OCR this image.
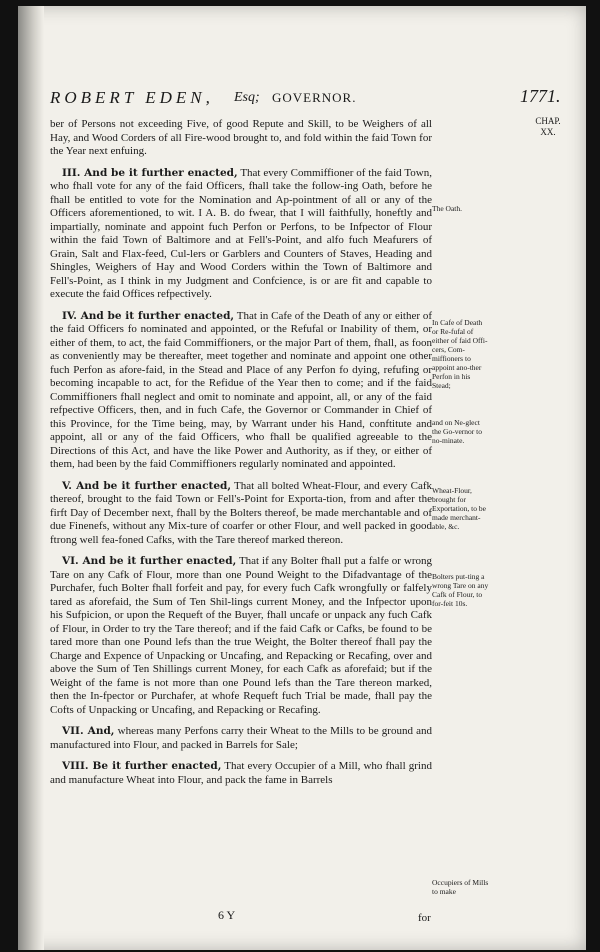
ROBERT EDEN, Esq; GOVERNOR.	1771.
CHAP.
XX.

ber of Persons not exceeding Five, of good Repute and Skill, to be Weighers of all Hay, and Wood Corders of all Fire-wood brought to, and fold within the faid Town for the Year next enfuing.

III. And be it further enacted, That every Commiffioner of the faid Town, who fhall vote for any of the faid Officers, fhall take the follow-ing Oath, before he fhall be entitled to vote for the Nomination and Ap-pointment of all or any of the Officers aforementioned, to wit. I A. B. do fwear, that I will faithfully, honeftly and impartially, nominate and appoint fuch Perfon or Perfons, to be Infpector of Flour within the faid Town of Baltimore and at Fell's-Point, and alfo fuch Meafurers of Grain, Salt and Flax-feed, Cul-lers or Garblers and Counters of Staves, Heading and Shingles, Weighers of Hay and Wood Corders within the Town of Baltimore and Fell's-Point, as I think in my Judgment and Confcience, is or are fit and capable to execute the faid Offices refpectively.

IV. And be it further enacted, That in Cafe of the Death of any or either of the faid Officers fo nominated and appointed, or the Refufal or Inability of them, or either of them, to act, the faid Commiffioners, or the major Part of them, fhall, as foon as conveniently may be thereafter, meet together and nominate and appoint one other fuch Perfon as afore-faid, in the Stead and Place of any Perfon fo dying, refufing or becoming incapable to act, for the Refidue of the Year then to come; and if the faid Commiffioners fhall neglect and omit to nominate and appoint, all, or any of the faid refpective Officers, then, and in fuch Cafe, the Governor or Commander in Chief of this Province, for the Time being, may, by Warrant under his Hand, conftitute and appoint, all or any of the faid Officers, who fhall be qualified agreeable to the Directions of this Act, and have the like Power and Authority, as if they, or either of them, had been by the faid Commiffioners regularly nominated and appointed.

V. And be it further enacted, That all bolted Wheat-Flour, and every Cafk thereof, brought to the faid Town or Fell's-Point for Exporta-tion, from and after the firft Day of December next, fhall by the Bolters thereof, be made merchantable and of due Finenefs, without any Mix-ture of coarfer or other Flour, and well packed in good ftrong well fea-foned Cafks, with the Tare thereof marked thereon.

VI. And be it further enacted, That if any Bolter fhall put a falfe or wrong Tare on any Cafk of Flour, more than one Pound Weight to the Difadvantage of the Purchafer, fuch Bolter fhall forfeit and pay, for every fuch Cafk wrongfully or falfely tared as aforefaid, the Sum of Ten Shil-lings current Money, and the Infpector upon his Sufpicion, or upon the Requeft of the Buyer, fhall uncafe or unpack any fuch Cafk of Flour, in Order to try the Tare thereof; and if the faid Cafk or Cafks, be found to be tared more than one Pound lefs than the true Weight, the Bolter thereof fhall pay the Charge and Expence of Unpacking or Uncafing, and Repacking or Recafing, over and above the Sum of Ten Shillings current Money, for each Cafk as aforefaid; but if the Weight of the fame is not more than one Pound lefs than the Tare thereon marked, then the In-fpector or Purchafer, at whofe Requeft fuch Trial be made, fhall pay the Cofts of Unpacking or Uncafing, and Repacking or Recafing.

VII. And, whereas many Perfons carry their Wheat to the Mills to be ground and manufactured into Flour, and packed in Barrels for Sale;

VIII. Be it further enacted, That every Occupier of a Mill, who fhall grind and manufacture Wheat into Flour, and pack the fame in Barrels

The Oath.
In Cafe of Death or Re-fufal of either of faid Offi-cers, Com-miffioners to appoint ano-ther Perfon in his Stead;
and on Ne-glect the Go-vernor to no-minate.
Wheat-Flour, brought for Exportation, to be made merchant-able, &c.
Bolters put-ting a wrong Tare on any Cafk of Flour, to for-feit 10s.
Occupiers of Mills to make
6 Y	for
